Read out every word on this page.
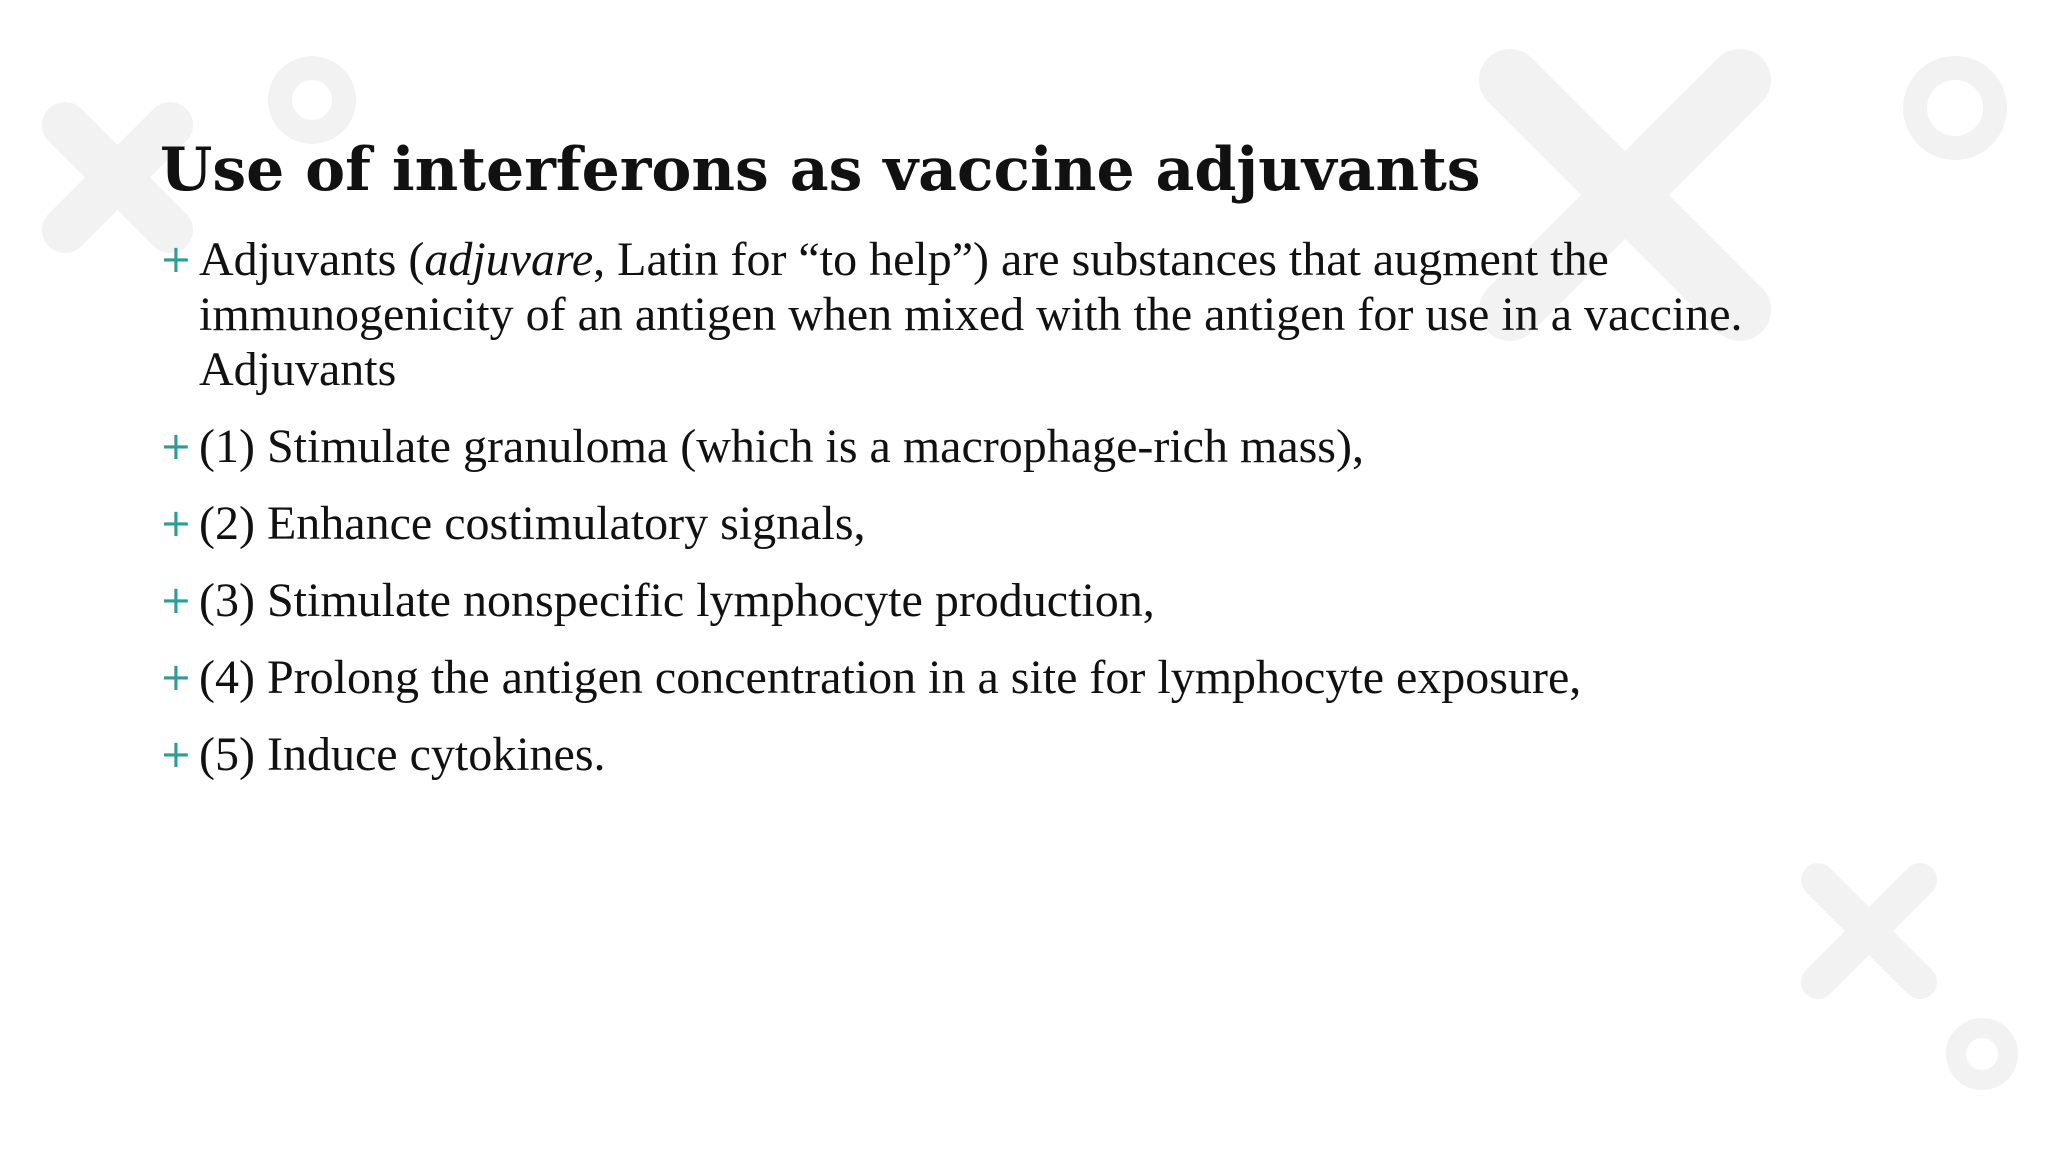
Use of interferons as vaccine adjuvants
+ Adjuvants (adjuvare, Latin for “to help”) are substances that augment the immunogenicity of an antigen when mixed with the antigen for use in a vaccine. Adjuvants
+ (1) Stimulate granuloma (which is a macrophage-rich mass),
+ (2) Enhance costimulatory signals,
+ (3) Stimulate nonspecific lymphocyte production,
+ (4) Prolong the antigen concentration in a site for lymphocyte exposure,
+ (5) Induce cytokines.
